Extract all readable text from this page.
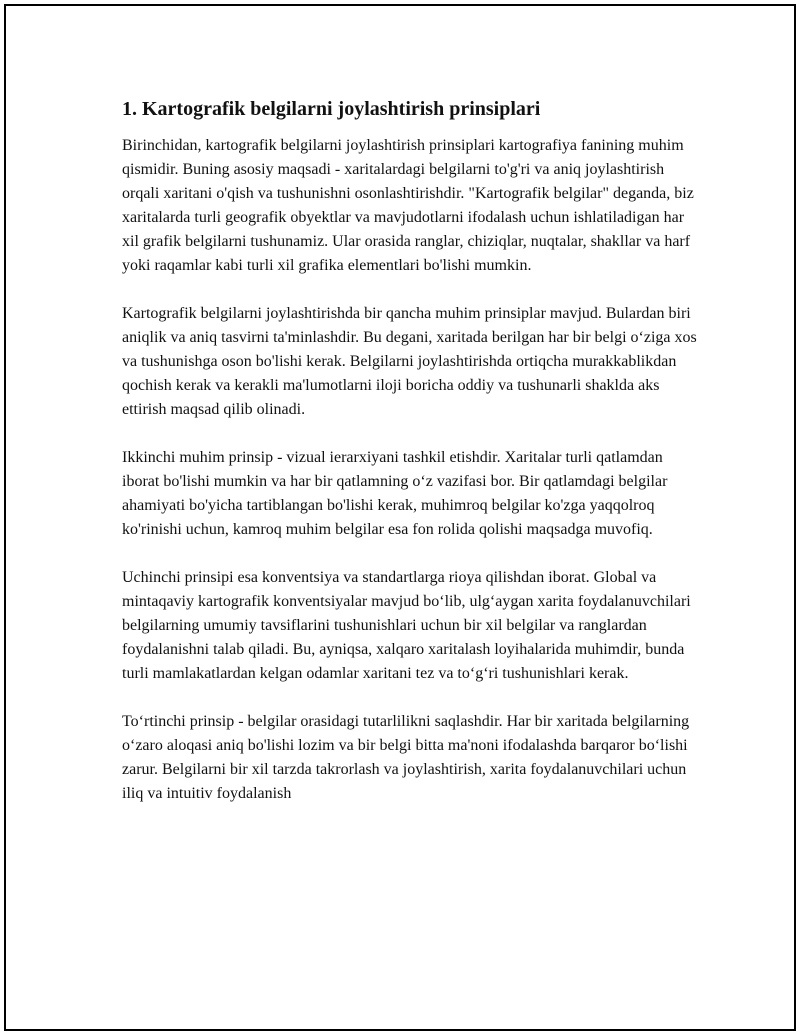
1. Kartografik belgilarni joylashtirish prinsiplari

Birinchidan, kartografik belgilarni joylashtirish prinsiplari kartografiya fanining muhim qismidir. Buning asosiy maqsadi - xaritalardagi belgilarni to'g'ri va aniq joylashtirish orqali xaritani o'qish va tushunishni osonlashtirishdir. "Kartografik belgilar" deganda, biz xaritalarda turli geografik obyektlar va mavjudotlarni ifodalash uchun ishlatiladigan har xil grafik belgilarni tushunamiz. Ular orasida ranglar, chiziqlar, nuqtalar, shakllar va harf yoki raqamlar kabi turli xil grafika elementlari bo'lishi mumkin.

Kartografik belgilarni joylashtirishda bir qancha muhim prinsiplar mavjud. Bulardan biri aniqlik va aniq tasvirni ta'minlashdir. Bu degani, xaritada berilgan har bir belgi o‘ziga xos va tushunishga oson bo'lishi kerak. Belgilarni joylashtirishda ortiqcha murakkablikdan qochish kerak va kerakli ma'lumotlarni iloji boricha oddiy va tushunarli shaklda aks ettirish maqsad qilib olinadi.

Ikkinchi muhim prinsip - vizual ierarxiyani tashkil etishdir. Xaritalar turli qatlamdan iborat bo'lishi mumkin va har bir qatlamning o‘z vazifasi bor. Bir qatlamdagi belgilar ahamiyati bo'yicha tartiblangan bo'lishi kerak, muhimroq belgilar ko'zga yaqqolroq ko'rinishi uchun, kamroq muhim belgilar esa fon rolida qolishi maqsadga muvofiq.

Uchinchi prinsipi esa konventsiya va standartlarga rioya qilishdan iborat. Global va mintaqaviy kartografik konventsiyalar mavjud bo‘lib, ulg‘aygan xarita foydalanuvchilari belgilarning umumiy tavsiflarini tushunishlari uchun bir xil belgilar va ranglardan foydalanishni talab qiladi. Bu, ayniqsa, xalqaro xaritalash loyihalarida muhimdir, bunda turli mamlakatlardan kelgan odamlar xaritani tez va to‘g‘ri tushunishlari kerak.

To‘rtinchi prinsip - belgilar orasidagi tutarlilikni saqlashdir. Har bir xaritada belgilarning o‘zaro aloqasi aniq bo'lishi lozim va bir belgi bitta ma'noni ifodalashda barqaror bo‘lishi zarur. Belgilarni bir xil tarzda takrorlash va joylashtirish, xarita foydalanuvchilari uchun iliq va intuitiv foydalanish
